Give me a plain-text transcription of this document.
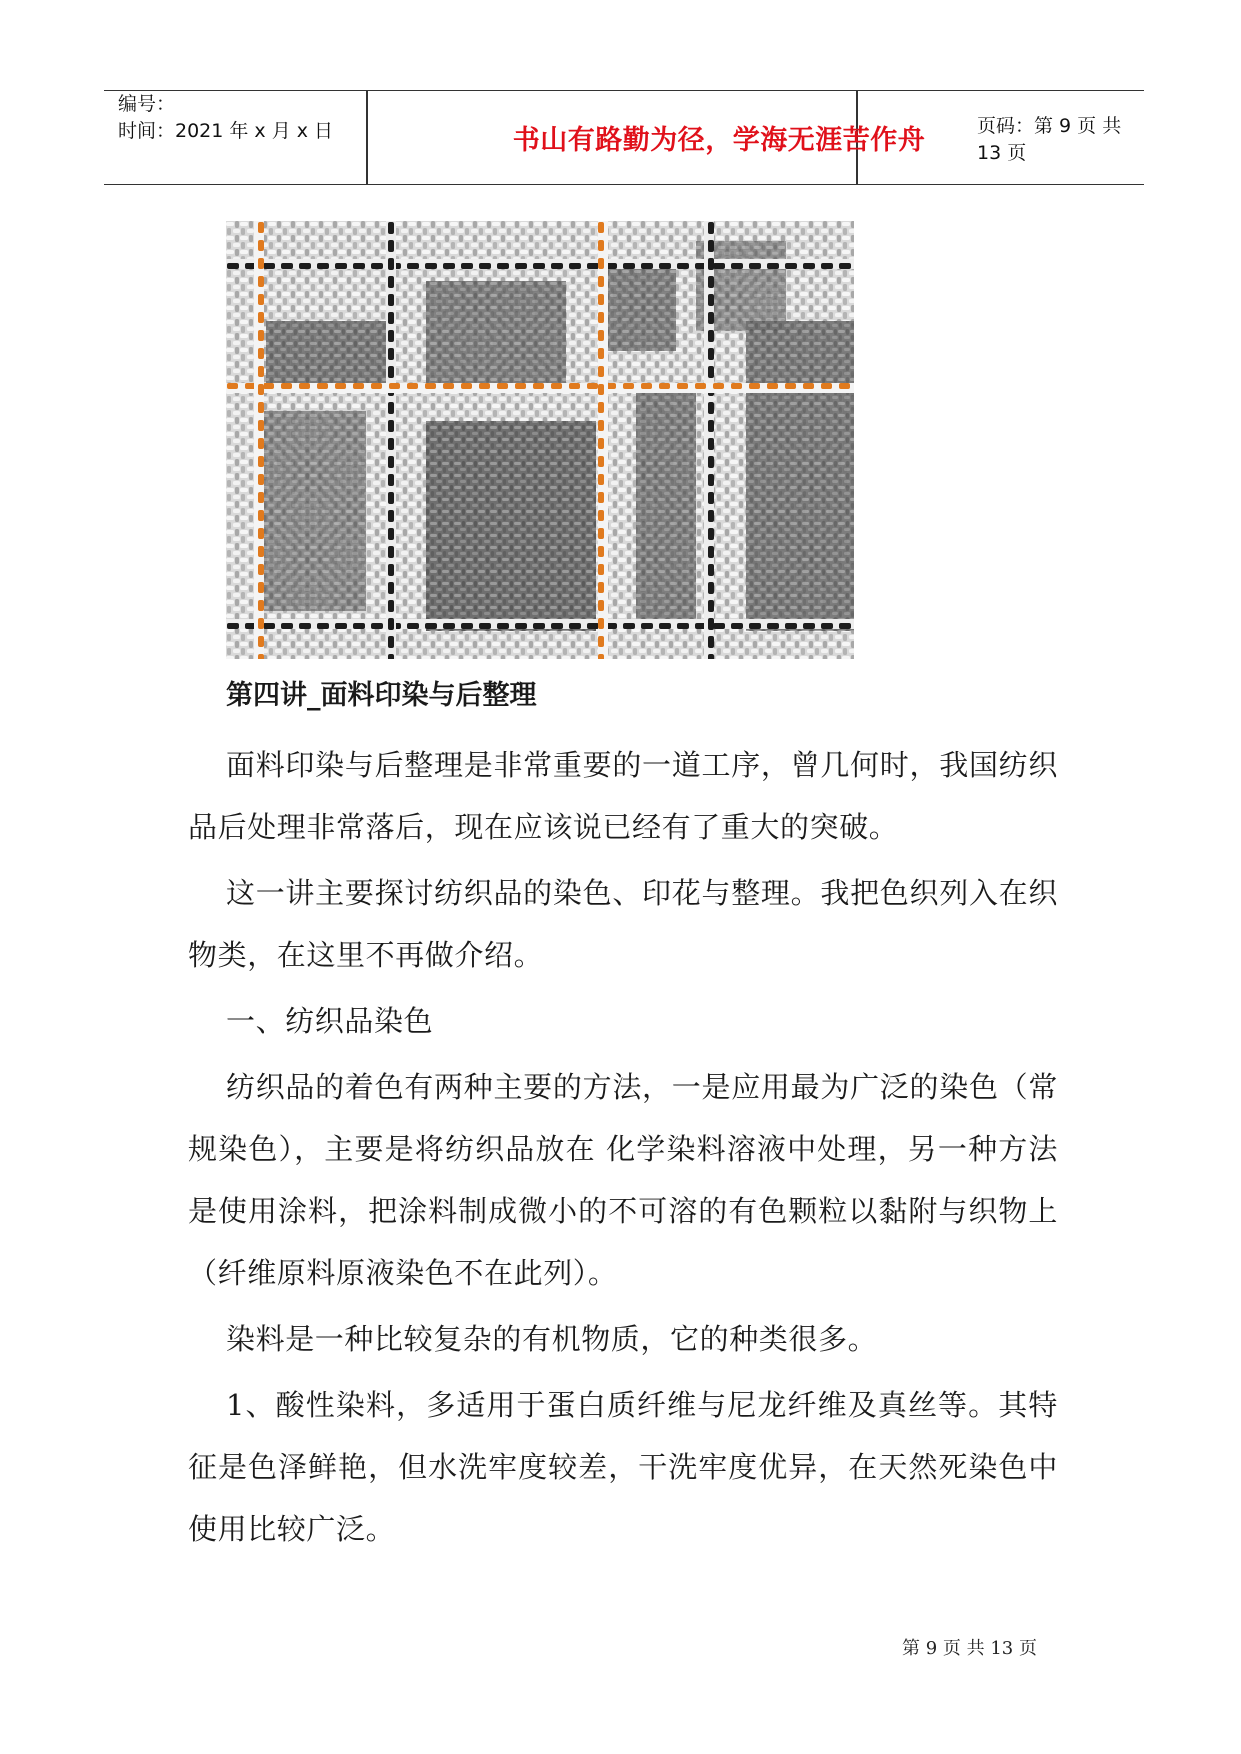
编号：
时间：2021 年 x 月 x 日	书山有路勤为径，学海无涯苦作舟	页码：第 9 页 共 13 页
第四讲_面料印染与后整理

面料印染与后整理是非常重要的一道工序，曾几何时，我国纺织品后处理非常落后，现在应该说已经有了重大的突破。

这一讲主要探讨纺织品的染色、印花与整理。我把色织列入在织物类，在这里不再做介绍。

一、纺织品染色

纺织品的着色有两种主要的方法，一是应用最为广泛的染色（常规染色），主要是将纺织品放在 化学染料溶液中处理，另一种方法是使用涂料，把涂料制成微小的不可溶的有色颗粒以黏附与织物上（纤维原料原液染色不在此列）。

染料是一种比较复杂的有机物质，它的种类很多。

1、酸性染料，多适用于蛋白质纤维与尼龙纤维及真丝等。其特征是色泽鲜艳，但水洗牢度较差，干洗牢度优异，在天然死染色中使用比较广泛。

第 9 页 共 13 页
